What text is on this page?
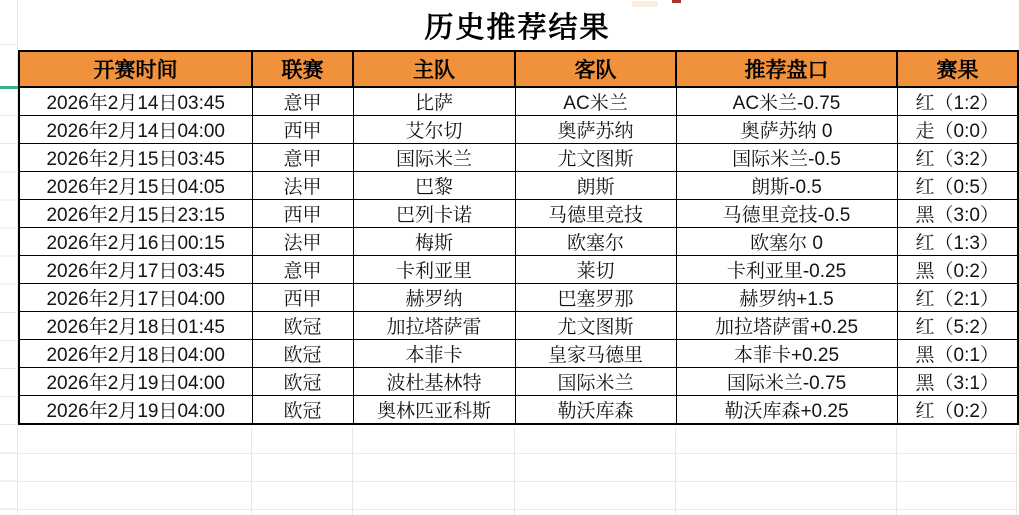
历史推荐结果
开赛时间	联赛	主队	客队	推荐盘口	赛果
2026年2月14日03:45	意甲	比萨	AC米兰	AC米兰-0.75	红（1:2）
2026年2月14日04:00	西甲	艾尔切	奥萨苏纳	奥萨苏纳 0	走（0:0）
2026年2月15日03:45	意甲	国际米兰	尤文图斯	国际米兰-0.5	红（3:2）
2026年2月15日04:05	法甲	巴黎	朗斯	朗斯-0.5	红（0:5）
2026年2月15日23:15	西甲	巴列卡诺	马德里竞技	马德里竞技-0.5	黑（3:0）
2026年2月16日00:15	法甲	梅斯	欧塞尔	欧塞尔 0	红（1:3）
2026年2月17日03:45	意甲	卡利亚里	莱切	卡利亚里-0.25	黑（0:2）
2026年2月17日04:00	西甲	赫罗纳	巴塞罗那	赫罗纳+1.5	红（2:1）
2026年2月18日01:45	欧冠	加拉塔萨雷	尤文图斯	加拉塔萨雷+0.25	红（5:2）
2026年2月18日04:00	欧冠	本菲卡	皇家马德里	本菲卡+0.25	黑（0:1）
2026年2月19日04:00	欧冠	波杜基林特	国际米兰	国际米兰-0.75	黑（3:1）
2026年2月19日04:00	欧冠	奥林匹亚科斯	勒沃库森	勒沃库森+0.25	红（0:2）
